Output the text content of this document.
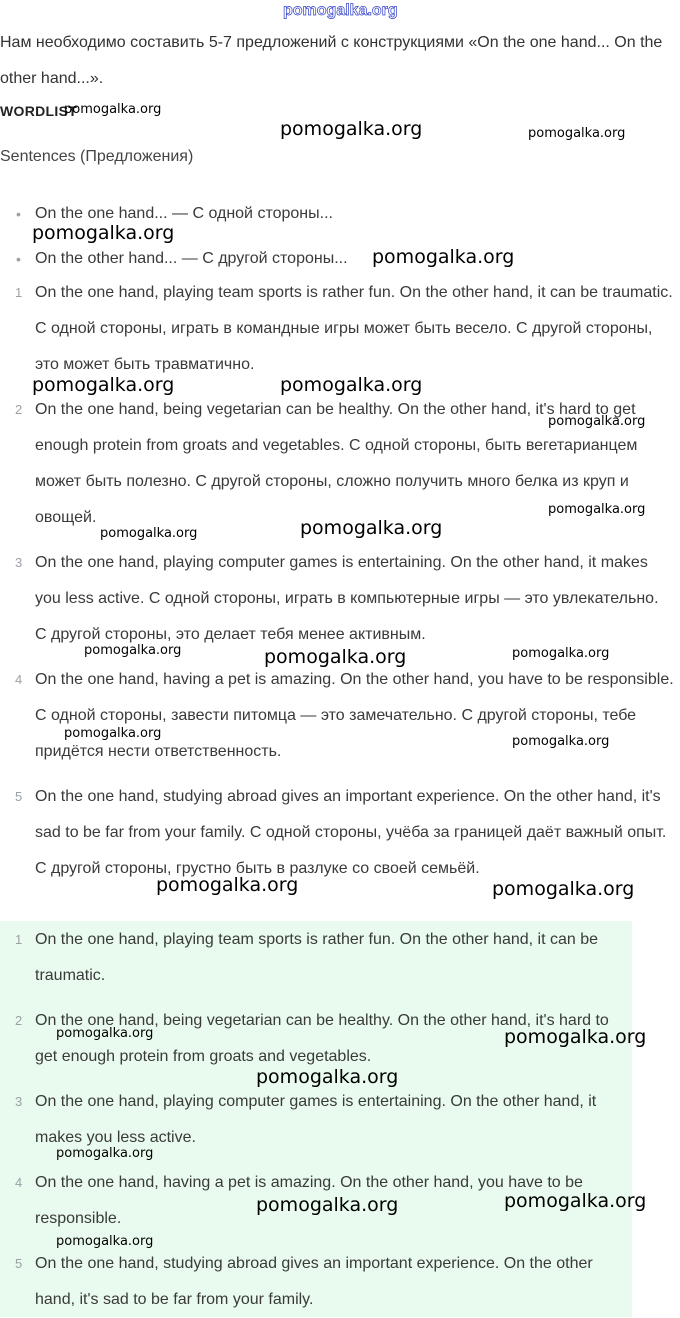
pomogalka.org
Нам необходимо составить 5-7 предложений с конструкциями «On the one hand... On the other hand...».
WORDLIST
Sentences (Предложения)
• On the one hand... — С одной стороны...
• On the other hand... — С другой стороны...
1 On the one hand, playing team sports is rather fun. On the other hand, it can be traumatic. С одной стороны, играть в командные игры может быть весело. С другой стороны, это может быть травматично.
2 On the one hand, being vegetarian can be healthy. On the other hand, it's hard to get enough protein from groats and vegetables. С одной стороны, быть вегетарианцем может быть полезно. С другой стороны, сложно получить много белка из круп и овощей.
3 On the one hand, playing computer games is entertaining. On the other hand, it makes you less active. С одной стороны, играть в компьютерные игры — это увлекательно. С другой стороны, это делает тебя менее активным.
4 On the one hand, having a pet is amazing. On the other hand, you have to be responsible. С одной стороны, завести питомца — это замечательно. С другой стороны, тебе придётся нести ответственность.
5 On the one hand, studying abroad gives an important experience. On the other hand, it's sad to be far from your family. С одной стороны, учёба за границей даёт важный опыт. С другой стороны, грустно быть в разлуке со своей семьёй.
1 On the one hand, playing team sports is rather fun. On the other hand, it can be traumatic.
2 On the one hand, being vegetarian can be healthy. On the other hand, it's hard to get enough protein from groats and vegetables.
3 On the one hand, playing computer games is entertaining. On the other hand, it makes you less active.
4 On the one hand, having a pet is amazing. On the other hand, you have to be responsible.
5 On the one hand, studying abroad gives an important experience. On the other hand, it's sad to be far from your family.
pomogalka.org
pomogalka.org	pomogalka.org
pomogalka.org
pomogalka.org
pomogalka.org	pomogalka.org
pomogalka.org
pomogalka.org
pomogalka.org	pomogalka.org
pomogalka.org	pomogalka.org	pomogalka.org
pomogalka.org
pomogalka.org
pomogalka.org	pomogalka.org
pomogalka.org	pomogalka.org
pomogalka.org
pomogalka.org
pomogalka.org	pomogalka.org
pomogalka.org
